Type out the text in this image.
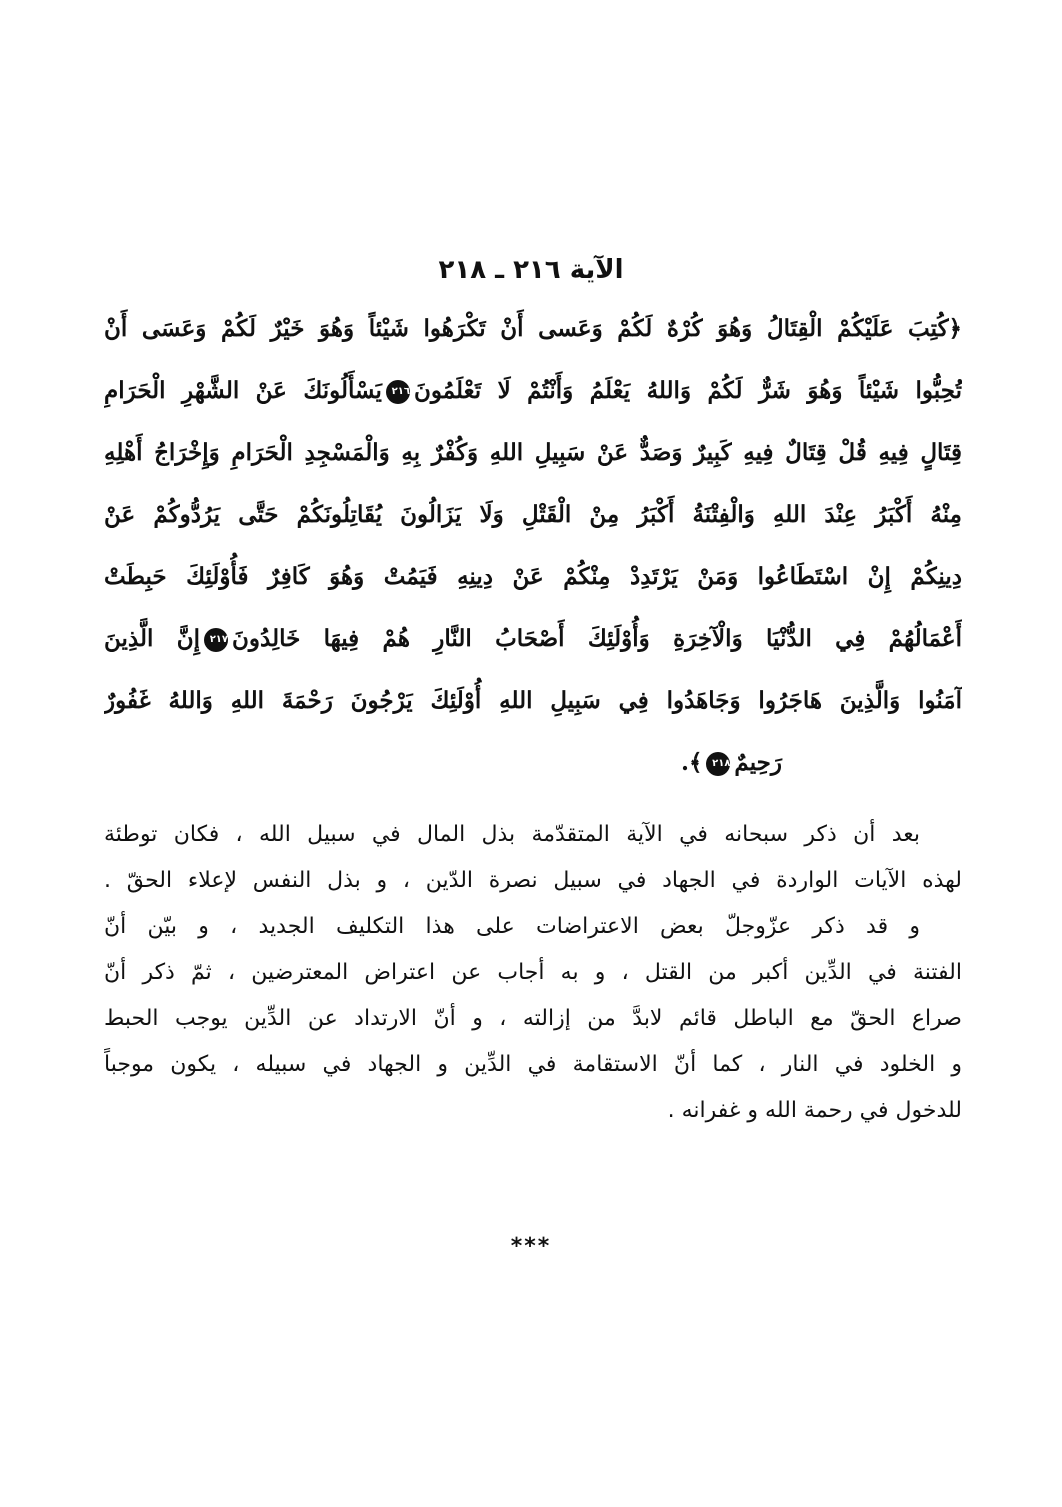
الآية ٢١٦ ـ ٢١٨
﴿كُتِبَ عَلَيْكُمْ الْقِتَالُ وَهُوَ كُرْهٌ لَكُمْ وَعَسى أَنْ تَكْرَهُوا شَيْئاً وَهُوَ خَيْرٌ لَكُمْ وَعَسَى أَنْ
تُحِبُّوا شَيْئاً وَهُوَ شَرٌّ لَكُمْ وَاللهُ يَعْلَمُ وَأَنْتُمْ لَا تَعْلَمُونَ٢١٦يَسْأَلُونَكَ عَنْ الشَّهْرِ الْحَرَامِ
قِتَالٍ فِيهِ قُلْ قِتَالٌ فِيهِ كَبِيرٌ وَصَدٌّ عَنْ سَبِيلِ اللهِ وَكُفْرٌ بِهِ وَالْمَسْجِدِ الْحَرَامِ وَإِخْرَاجُ أَهْلِهِ
مِنْهُ أَكْبَرُ عِنْدَ اللهِ وَالْفِتْنَةُ أَكْبَرُ مِنْ الْقَتْلِ وَلَا يَزَالُونَ يُقَاتِلُونَكُمْ حَتَّى يَرُدُّوكُمْ عَنْ
دِينِكُمْ إِنْ اسْتَطَاعُوا وَمَنْ يَرْتَدِدْ مِنْكُمْ عَنْ دِينِهِ فَيَمُتْ وَهُوَ كَافِرٌ فَأُوْلَئِكَ حَبِطَتْ
أَعْمَالُهُمْ فِي الدُّنْيَا وَالْآخِرَةِ وَأُوْلَئِكَ أَصْحَابُ النَّارِ هُمْ فِيهَا خَالِدُونَ٢١٧إِنَّ الَّذِينَ
آمَنُوا وَالَّذِينَ هَاجَرُوا وَجَاهَدُوا فِي سَبِيلِ اللهِ أُوْلَئِكَ يَرْجُونَ رَحْمَةَ اللهِ وَاللهُ غَفُورٌ
رَحِيمٌ٢١٨﴾.
بعد أن ذكر سبحانه في الآية المتقدّمة بذل المال في سبيل الله ، فكان توطئة
لهذه الآيات الواردة في الجهاد في سبيل نصرة الدّين ، و بذل النفس لإعلاء الحقّ .
و قد ذكر عزّوجلّ بعض الاعتراضات على هذا التكليف الجديد ، و بيّن أنّ
الفتنة في الدِّين أكبر من القتل ، و به أجاب عن اعتراض المعترضين ، ثمّ ذكر أنّ
صراع الحقّ مع الباطل قائم لابدَّ من إزالته ، و أنّ الارتداد عن الدِّين يوجب الحبط
و الخلود في النار ، كما أنّ الاستقامة في الدِّين و الجهاد في سبيله ، يكون موجباً
للدخول في رحمة الله و غفرانه .
***
